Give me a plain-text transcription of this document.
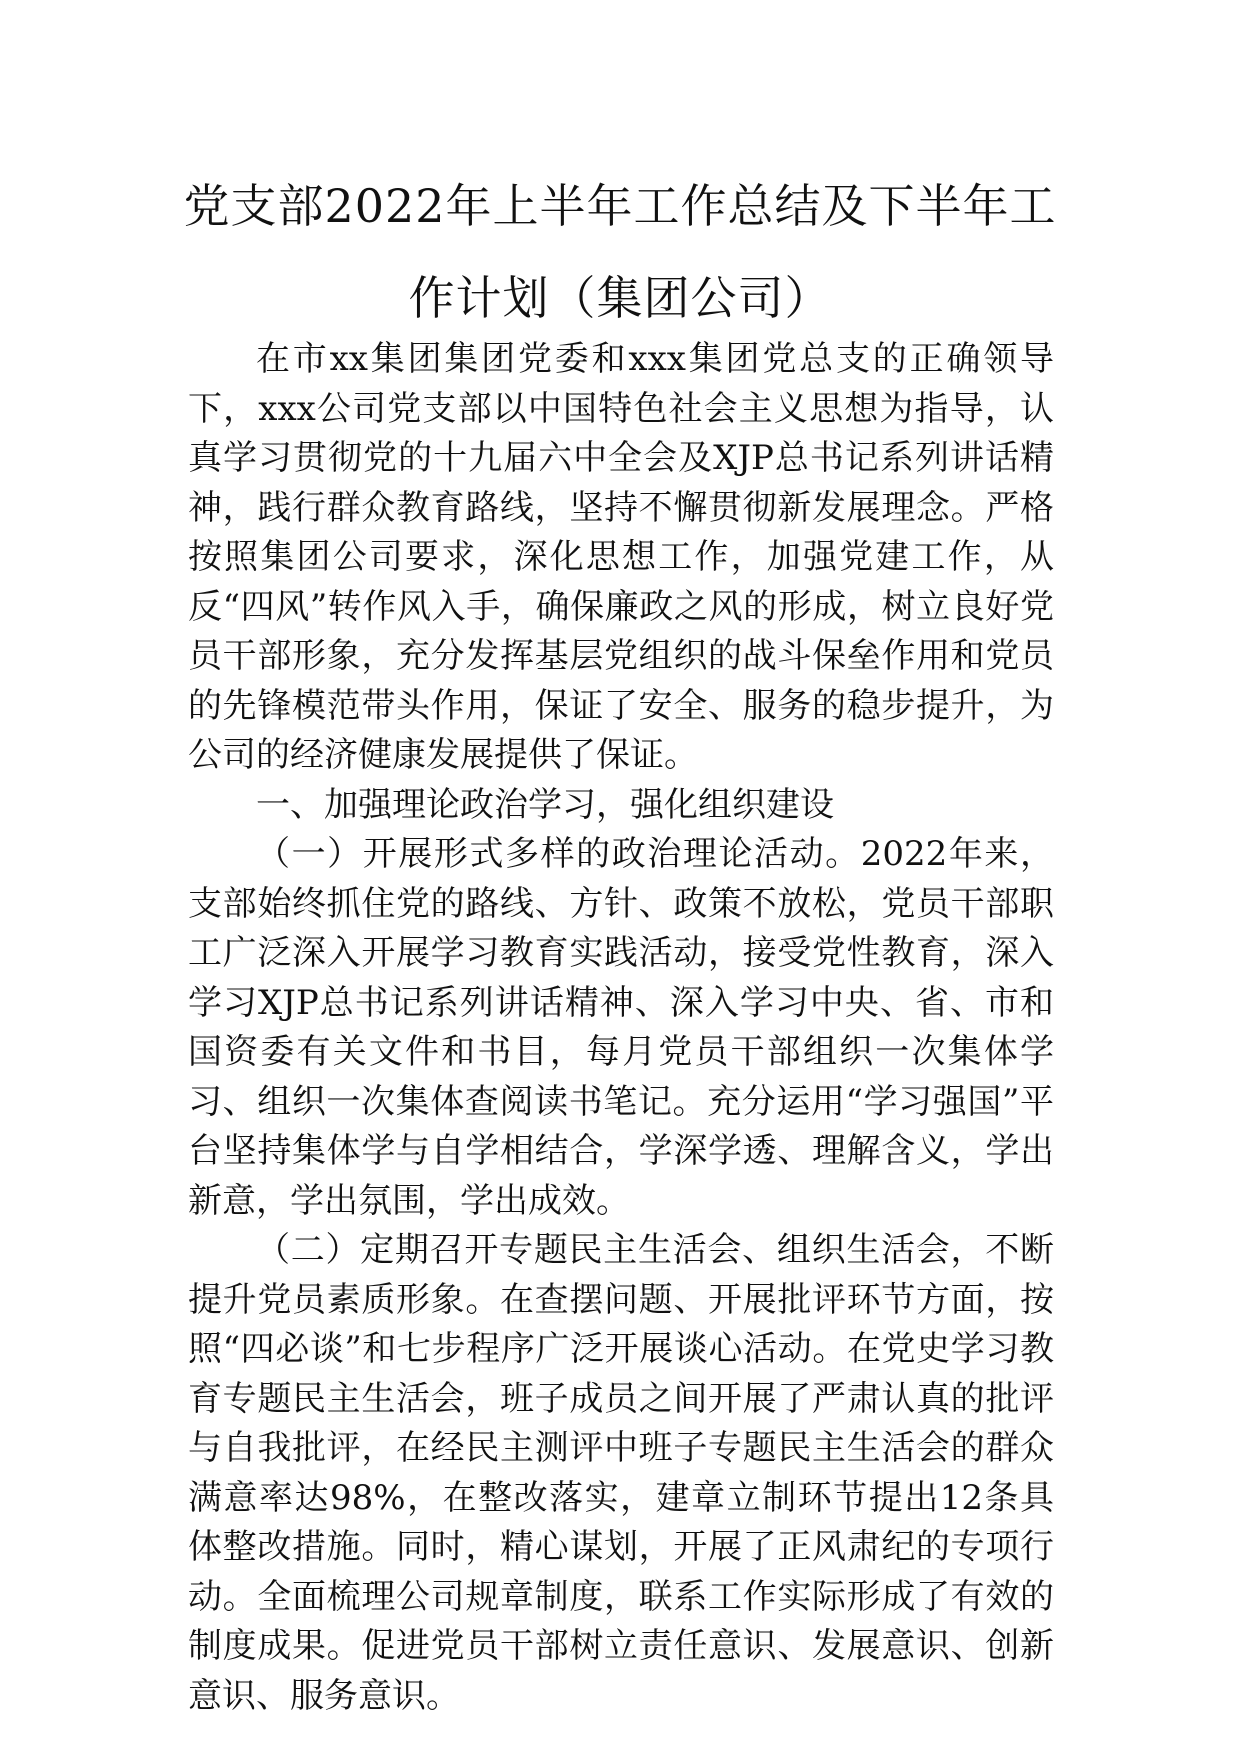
党支部2022年上半年工作总结及下半年工
作计划（集团公司）

在市xx集团集团党委和xxx集团党总支的正确领导下，xxx公司党支部以中国特色社会主义思想为指导，认真学习贯彻党的十九届六中全会及XJP总书记系列讲话精神，践行群众教育路线，坚持不懈贯彻新发展理念。严格按照集团公司要求，深化思想工作，加强党建工作，从反“四风”转作风入手，确保廉政之风的形成，树立良好党员干部形象，充分发挥基层党组织的战斗保垒作用和党员的先锋模范带头作用，保证了安全、服务的稳步提升，为公司的经济健康发展提供了保证。

一、加强理论政治学习，强化组织建设

（一）开展形式多样的政治理论活动。2022年来，支部始终抓住党的路线、方针、政策不放松，党员干部职工广泛深入开展学习教育实践活动，接受党性教育，深入学习XJP总书记系列讲话精神、深入学习中央、省、市和国资委有关文件和书目，每月党员干部组织一次集体学习、组织一次集体查阅读书笔记。充分运用“学习强国”平台坚持集体学与自学相结合，学深学透、理解含义，学出新意，学出氛围，学出成效。

（二）定期召开专题民主生活会、组织生活会，不断提升党员素质形象。在查摆问题、开展批评环节方面，按照“四必谈”和七步程序广泛开展谈心活动。在党史学习教育专题民主生活会，班子成员之间开展了严肃认真的批评与自我批评，在经民主测评中班子专题民主生活会的群众满意率达98%，在整改落实，建章立制环节提出12条具体整改措施。同时，精心谋划，开展了正风肃纪的专项行动。全面梳理公司规章制度，联系工作实际形成了有效的制度成果。促进党员干部树立责任意识、发展意识、创新意识、服务意识。
